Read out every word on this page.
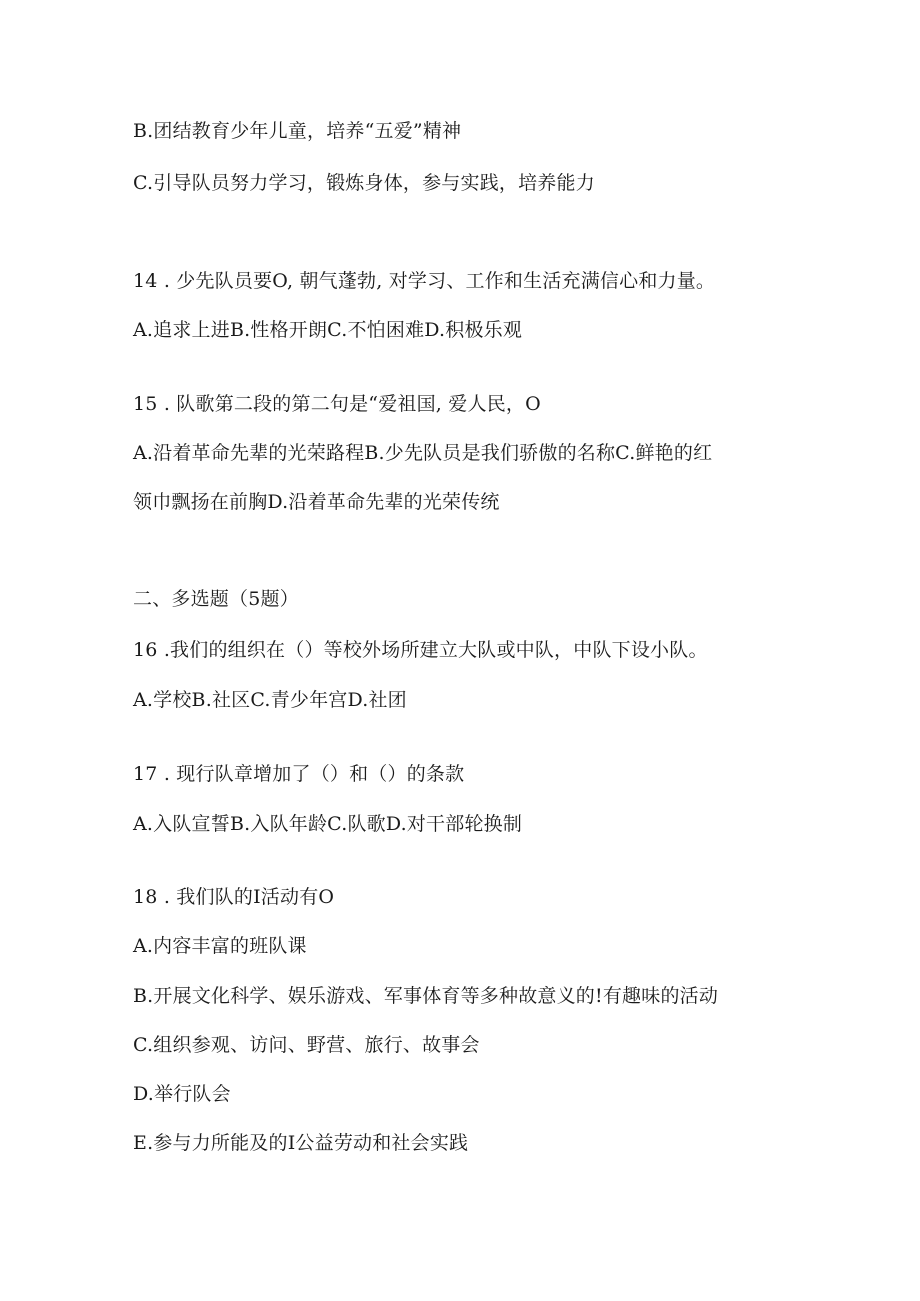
B.团结教育少年儿童，培养“五爱”精神
C.引导队员努力学习，锻炼身体，参与实践，培养能力
14 . 少先队员要O, 朝气蓬勃, 对学习、工作和生活充满信心和力量。
A.追求上进B.性格开朗C.不怕困难D.积极乐观
15 . 队歌第二段的第二句是“爱祖国, 爱人民，O
A.沿着革命先辈的光荣路程B.少先队员是我们骄傲的名称C.鲜艳的红
领巾飘扬在前胸D.沿着革命先辈的光荣传统
二、多选题（5题）
16 .我们的组织在（）等校外场所建立大队或中队，中队下设小队。
A.学校B.社区C.青少年宫D.社团
17 . 现行队章增加了（）和（）的条款
A.入队宣誓B.入队年龄C.队歌D.对干部轮换制
18 . 我们队的I活动有O
A.内容丰富的班队课
B.开展文化科学、娱乐游戏、军事体育等多种故意义的!有趣味的活动
C.组织参观、访问、野营、旅行、故事会
D.举行队会
E.参与力所能及的I公益劳动和社会实践
